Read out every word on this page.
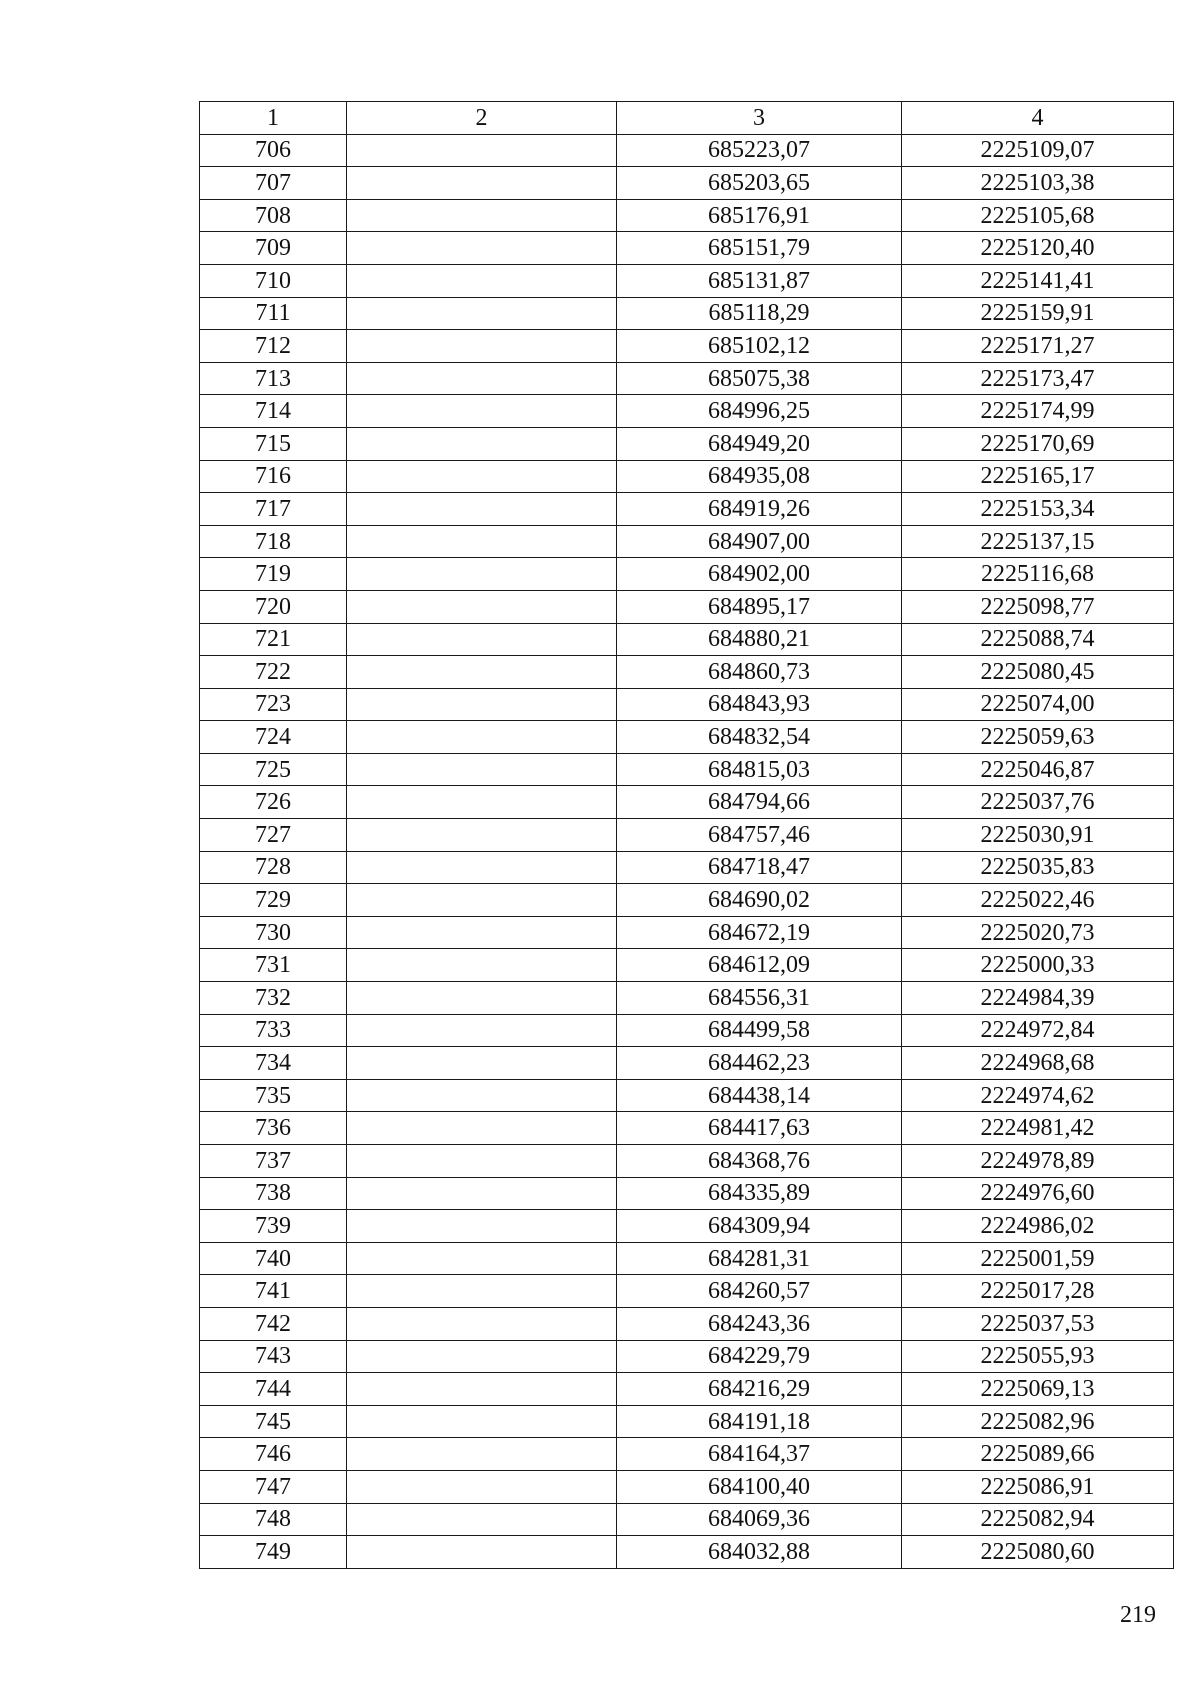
1	2	3	4
706		685223,07	2225109,07
707		685203,65	2225103,38
708		685176,91	2225105,68
709		685151,79	2225120,40
710		685131,87	2225141,41
711		685118,29	2225159,91
712		685102,12	2225171,27
713		685075,38	2225173,47
714		684996,25	2225174,99
715		684949,20	2225170,69
716		684935,08	2225165,17
717		684919,26	2225153,34
718		684907,00	2225137,15
719		684902,00	2225116,68
720		684895,17	2225098,77
721		684880,21	2225088,74
722		684860,73	2225080,45
723		684843,93	2225074,00
724		684832,54	2225059,63
725		684815,03	2225046,87
726		684794,66	2225037,76
727		684757,46	2225030,91
728		684718,47	2225035,83
729		684690,02	2225022,46
730		684672,19	2225020,73
731		684612,09	2225000,33
732		684556,31	2224984,39
733		684499,58	2224972,84
734		684462,23	2224968,68
735		684438,14	2224974,62
736		684417,63	2224981,42
737		684368,76	2224978,89
738		684335,89	2224976,60
739		684309,94	2224986,02
740		684281,31	2225001,59
741		684260,57	2225017,28
742		684243,36	2225037,53
743		684229,79	2225055,93
744		684216,29	2225069,13
745		684191,18	2225082,96
746		684164,37	2225089,66
747		684100,40	2225086,91
748		684069,36	2225082,94
749		684032,88	2225080,60
219
